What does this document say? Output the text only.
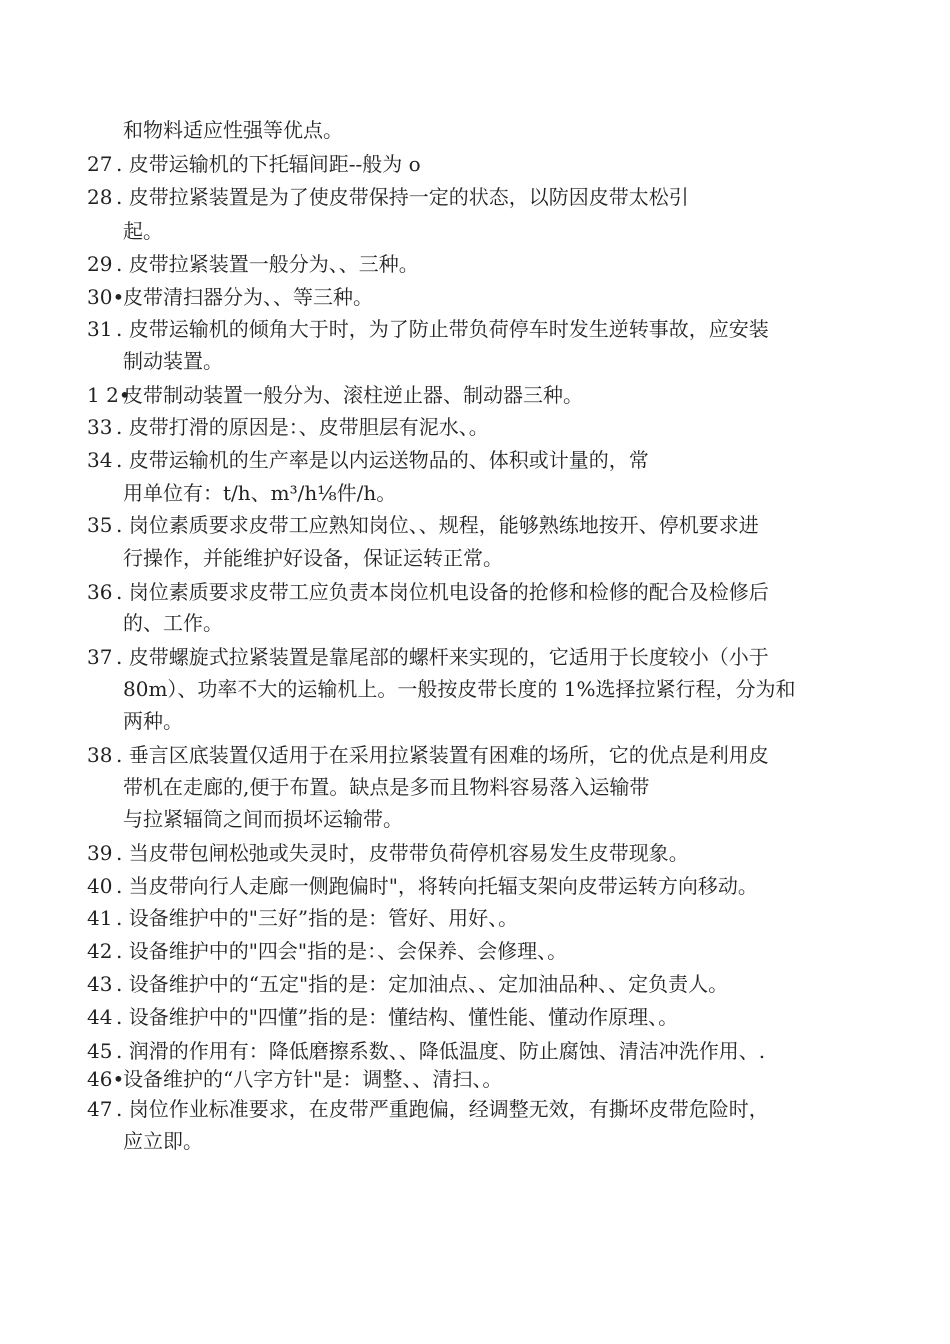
和物料适应性强等优点。
27 . 皮带运输机的下托辐间距--般为 o
28 . 皮带拉紧装置是为了使皮带保持一定的状态，以防因皮带太松引
起。
29 . 皮带拉紧装置一般分为、、三种。
30•
皮带清扫器分为、、等三种。
31 . 皮带运输机的倾角大于时，为了防止带负荷停车时发生逆转事故，应安装
制动装置。
1 2•
皮带制动装置一般分为、滚柱逆止器、制动器三种。
33 . 皮带打滑的原因是：、皮带胆层有泥水、。
34 . 皮带运输机的生产率是以内运送物品的、体积或计量的，常
用单位有：t/h、m³/h⅛件/h。
35 . 岗位素质要求皮带工应熟知岗位、、规程，能够熟练地按开、停机要求进
行操作，并能维护好设备，保证运转正常。
36 . 岗位素质要求皮带工应负责本岗位机电设备的抢修和检修的配合及检修后
的、工作。
37 . 皮带螺旋式拉紧装置是靠尾部的螺杆来实现的，它适用于长度较小（小于
80m）、功率不大的运输机上。一般按皮带长度的 1%选择拉紧行程，分为和
两种。
38 . 垂言区底装置仅适用于在采用拉紧装置有困难的场所，它的优点是利用皮
带机在走廊的,便于布置。缺点是多而且物料容易落入运输带
与拉紧辐筒之间而损坏运输带。
39 . 当皮带包闸松弛或失灵时，皮带带负荷停机容易发生皮带现象。
40 . 当皮带向行人走廊一侧跑偏时"，将转向托辐支架向皮带运转方向移动。
41 . 设备维护中的"三好”指的是：管好、用好、。
42 . 设备维护中的"四会"指的是：、会保养、会修理、。
43 . 设备维护中的“五定"指的是：定加油点、、定加油品种、、定负责人。
44 . 设备维护中的"四懂”指的是：懂结构、懂性能、懂动作原理、。
45 . 润滑的作用有：降低磨擦系数、、降低温度、防止腐蚀、清洁冲洗作用、.
46•
设备维护的“八字方针"是：调整、、清扫、。
47 . 岗位作业标准要求，在皮带严重跑偏，经调整无效，有撕坏皮带危险时，
应立即。
